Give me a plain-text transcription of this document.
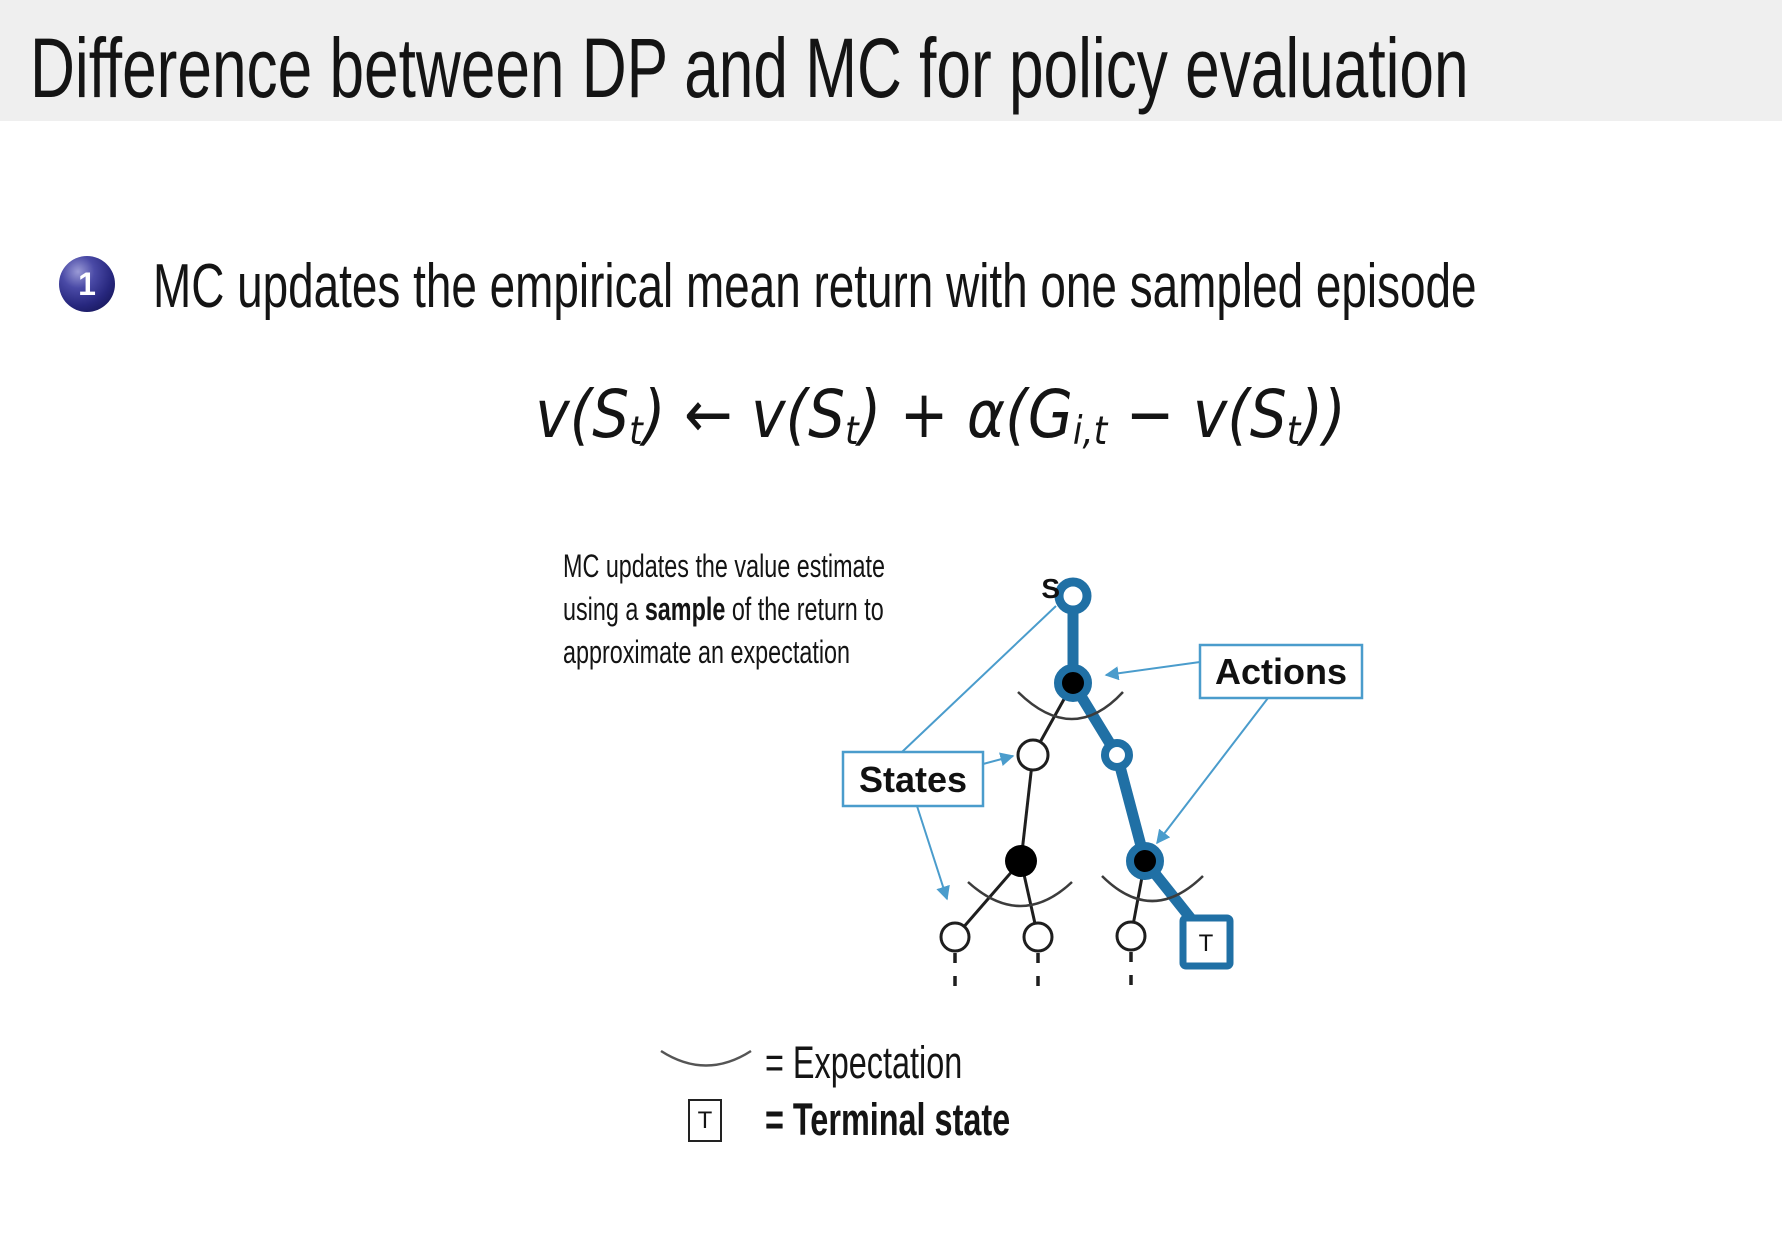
Difference between DP and MC for policy evaluation
1 MC updates the empirical mean return with one sampled episode
v(St) ← v(St) + α(Gi,t − v(St))
MC updates the value estimate
using a sample of the return to
approximate an expectation
T
S
States
Actions
= Expectation
T = Terminal state
